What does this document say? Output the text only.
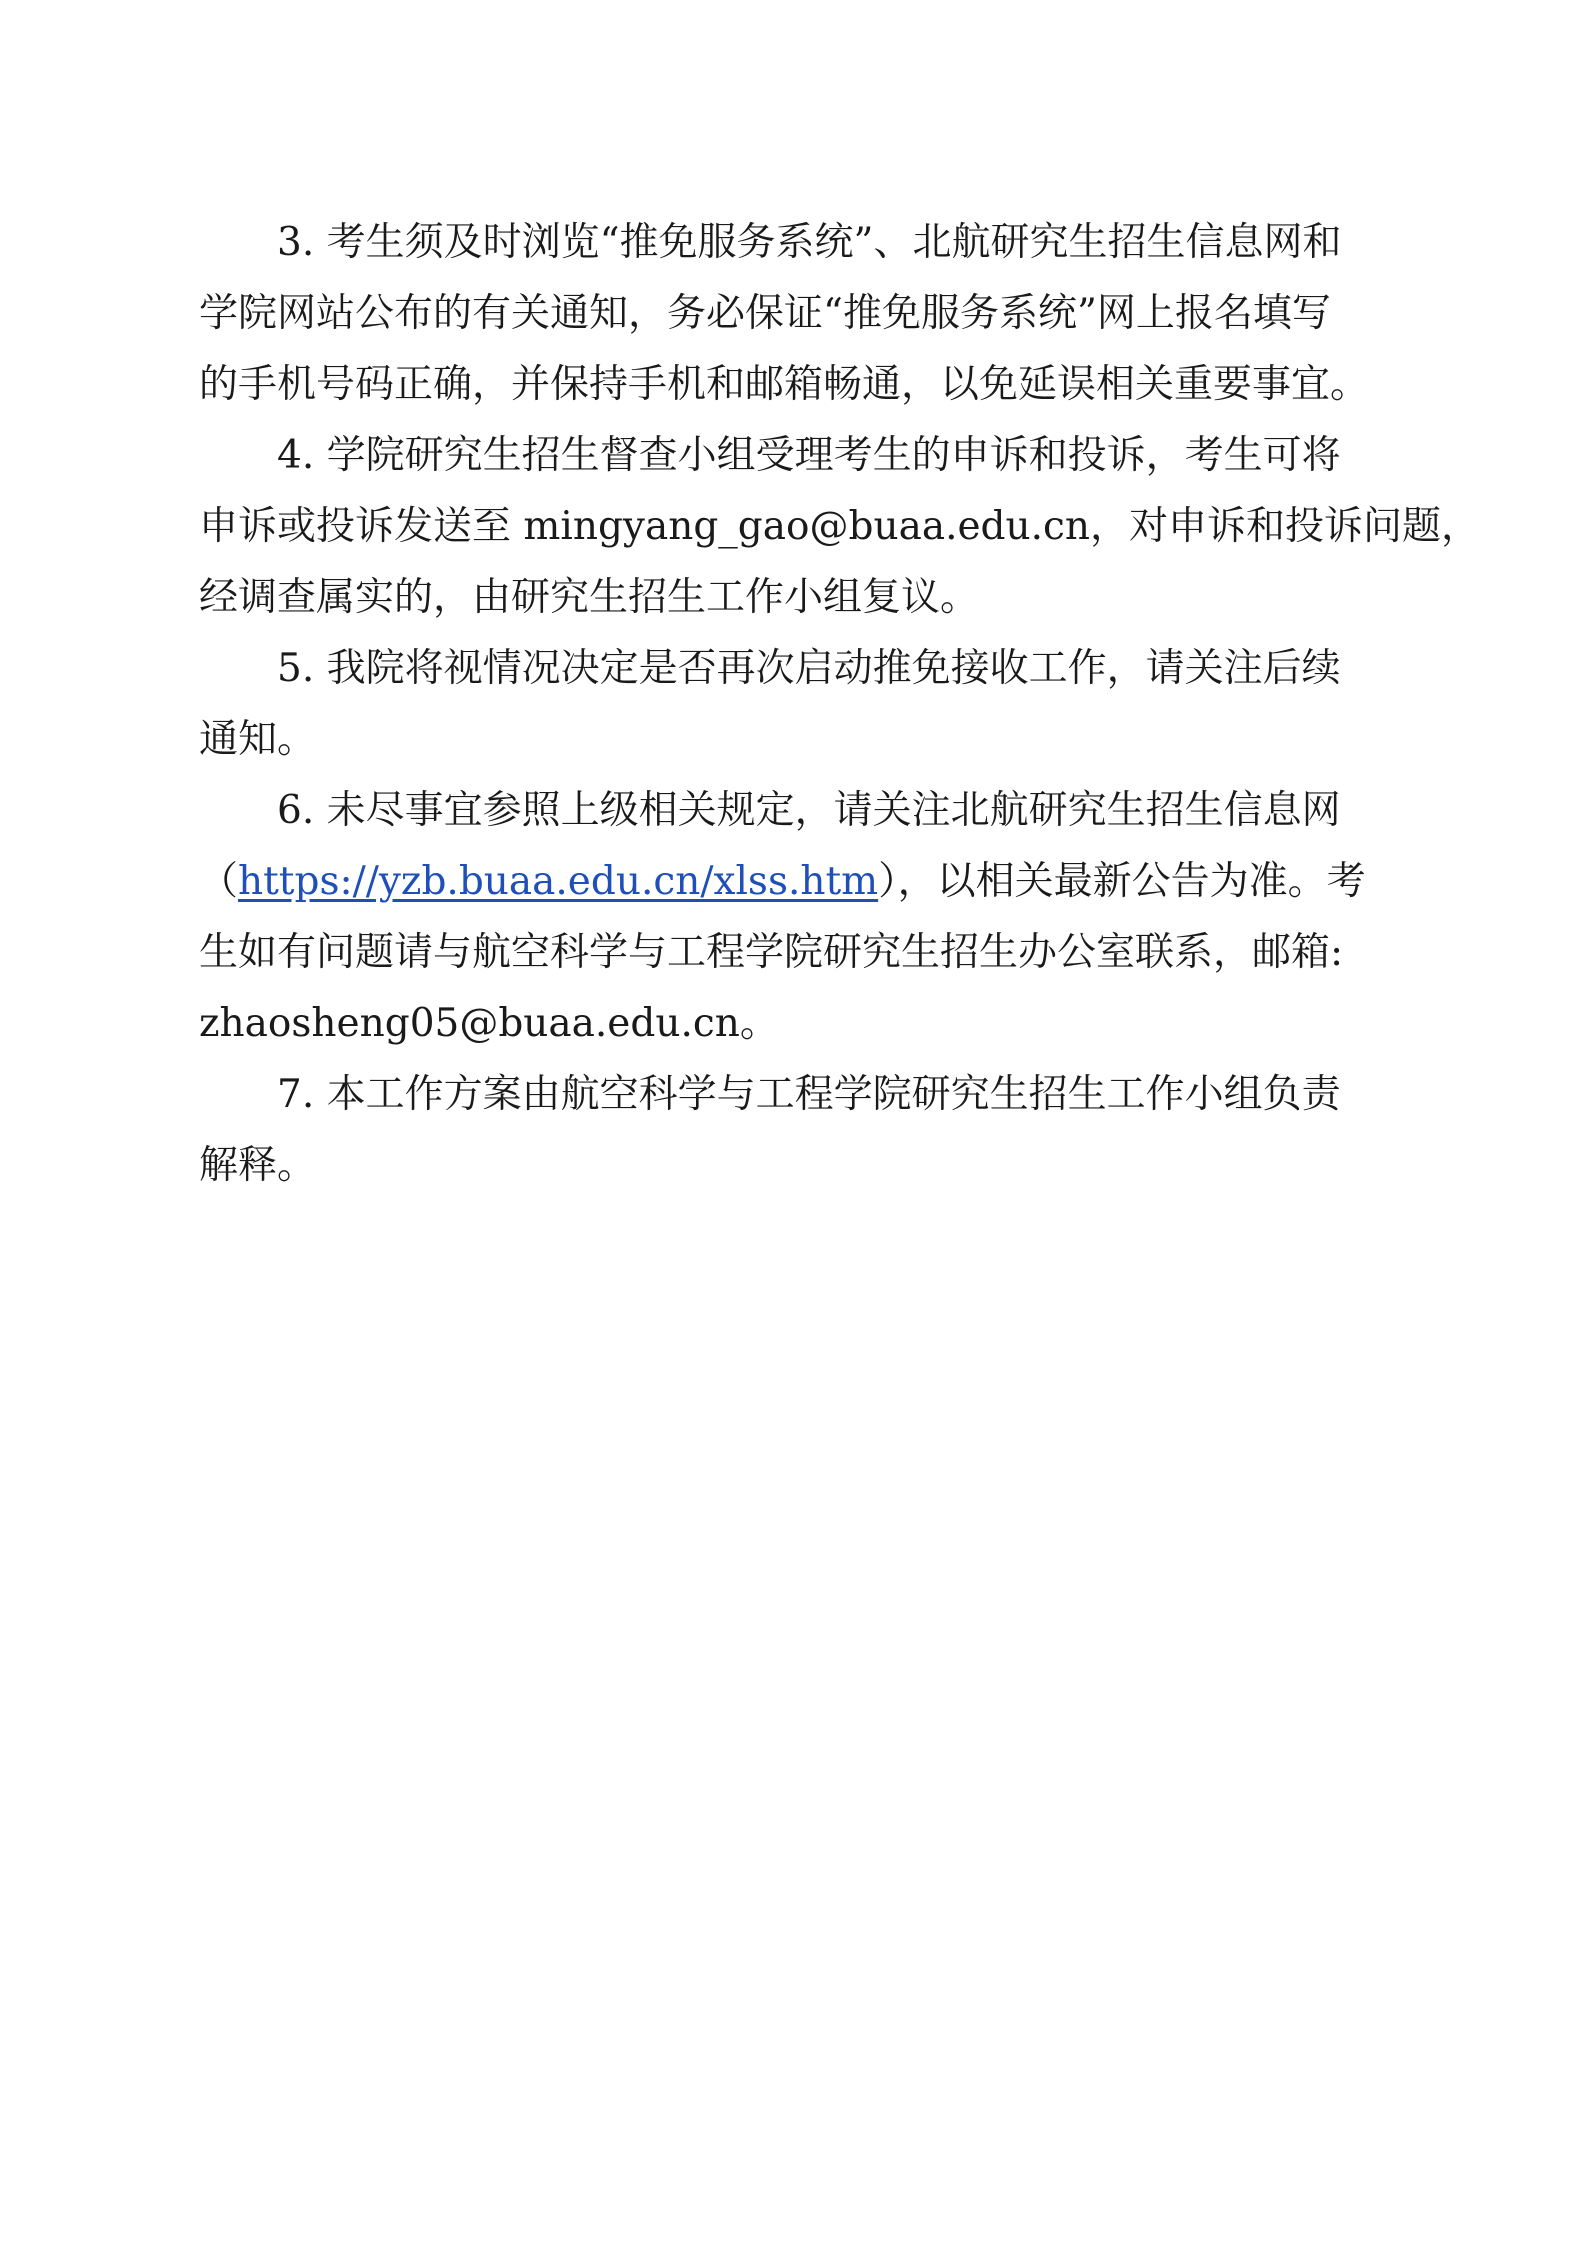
3. 考生须及时浏览“推免服务系统”、北航研究生招生信息网和
学院网站公布的有关通知，务必保证“推免服务系统”网上报名填写
的手机号码正确，并保持手机和邮箱畅通，以免延误相关重要事宜。
4. 学院研究生招生督查小组受理考生的申诉和投诉，考生可将
申诉或投诉发送至 mingyang_gao@buaa.edu.cn，对申诉和投诉问题，
经调查属实的，由研究生招生工作小组复议。
5. 我院将视情况决定是否再次启动推免接收工作，请关注后续
通知。
6. 未尽事宜参照上级相关规定，请关注北航研究生招生信息网
（https://yzb.buaa.edu.cn/xlss.htm），以相关最新公告为准。考
生如有问题请与航空科学与工程学院研究生招生办公室联系，邮箱:
zhaosheng05@buaa.edu.cn。
7. 本工作方案由航空科学与工程学院研究生招生工作小组负责
解释。
